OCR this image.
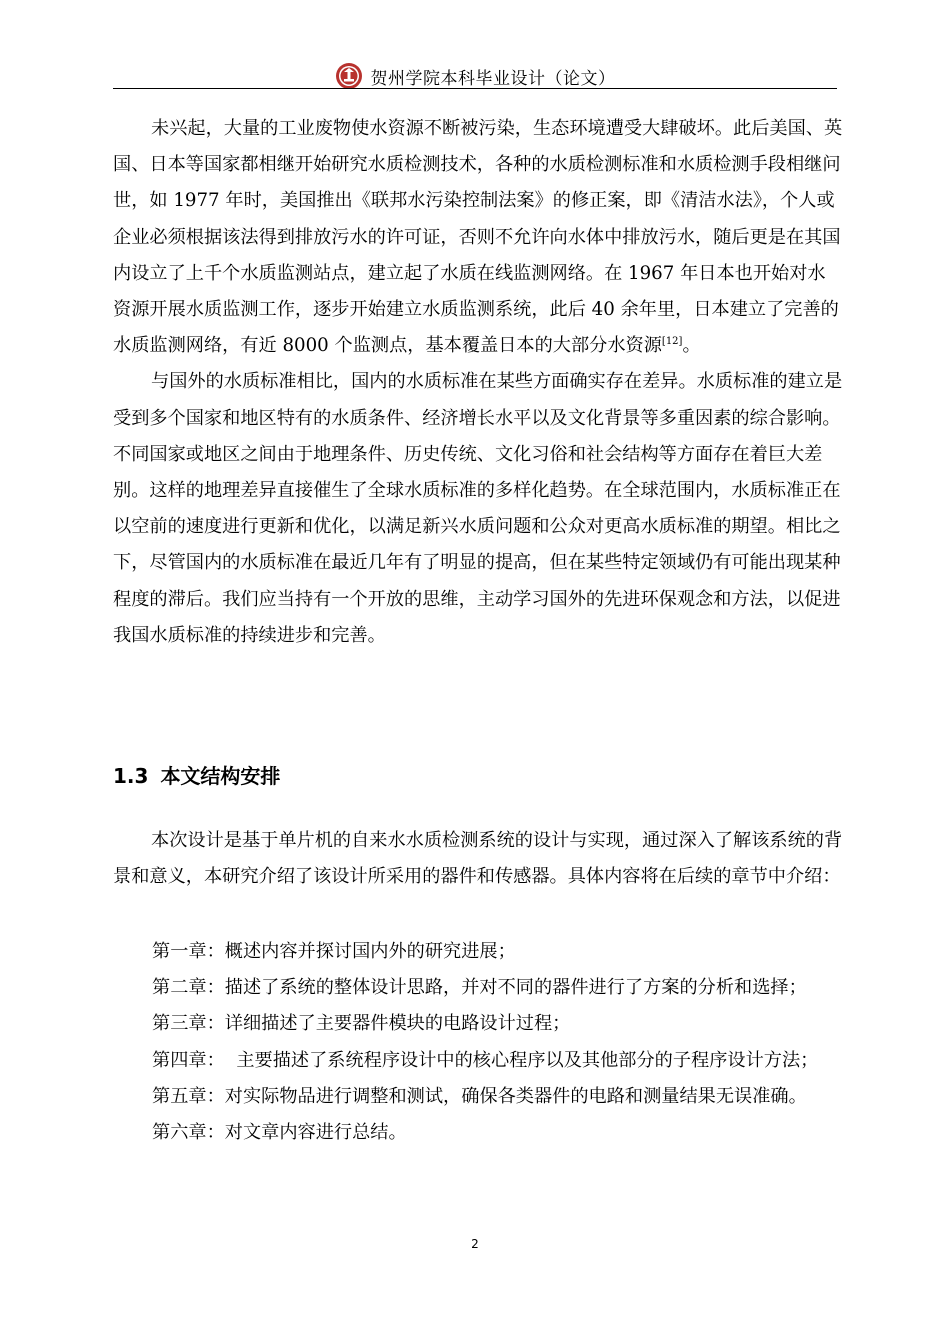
贺州学院本科毕业设计（论文）

未兴起，大量的工业废物使水资源不断被污染，生态环境遭受大肆破坏。此后美国、英国、日本等国家都相继开始研究水质检测技术，各种的水质检测标准和水质检测手段相继问世，如 1977 年时，美国推出《联邦水污染控制法案》的修正案，即《清洁水法》，个人或企业必须根据该法得到排放污水的许可证，否则不允许向水体中排放污水，随后更是在其国内设立了上千个水质监测站点，建立起了水质在线监测网络。在 1967 年日本也开始对水资源开展水质监测工作，逐步开始建立水质监测系统，此后 40 余年里，日本建立了完善的水质监测网络，有近 8000 个监测点，基本覆盖日本的大部分水资源[12]。

与国外的水质标准相比，国内的水质标准在某些方面确实存在差异。水质标准的建立是受到多个国家和地区特有的水质条件、经济增长水平以及文化背景等多重因素的综合影响。不同国家或地区之间由于地理条件、历史传统、文化习俗和社会结构等方面存在着巨大差别。这样的地理差异直接催生了全球水质标准的多样化趋势。在全球范围内，水质标准正在以空前的速度进行更新和优化，以满足新兴水质问题和公众对更高水质标准的期望。相比之下，尽管国内的水质标准在最近几年有了明显的提高，但在某些特定领域仍有可能出现某种程度的滞后。我们应当持有一个开放的思维，主动学习国外的先进环保观念和方法，以促进我国水质标准的持续进步和完善。

1.3 本文结构安排

本次设计是基于单片机的自来水水质检测系统的设计与实现，通过深入了解该系统的背景和意义，本研究介绍了该设计所采用的器件和传感器。具体内容将在后续的章节中介绍：

第一章：概述内容并探讨国内外的研究进展；
第二章：描述了系统的整体设计思路，并对不同的器件进行了方案的分析和选择；
第三章：详细描述了主要器件模块的电路设计过程；
第四章：  主要描述了系统程序设计中的核心程序以及其他部分的子程序设计方法；
第五章：对实际物品进行调整和测试，确保各类器件的电路和测量结果无误准确。
第六章：对文章内容进行总结。
2
